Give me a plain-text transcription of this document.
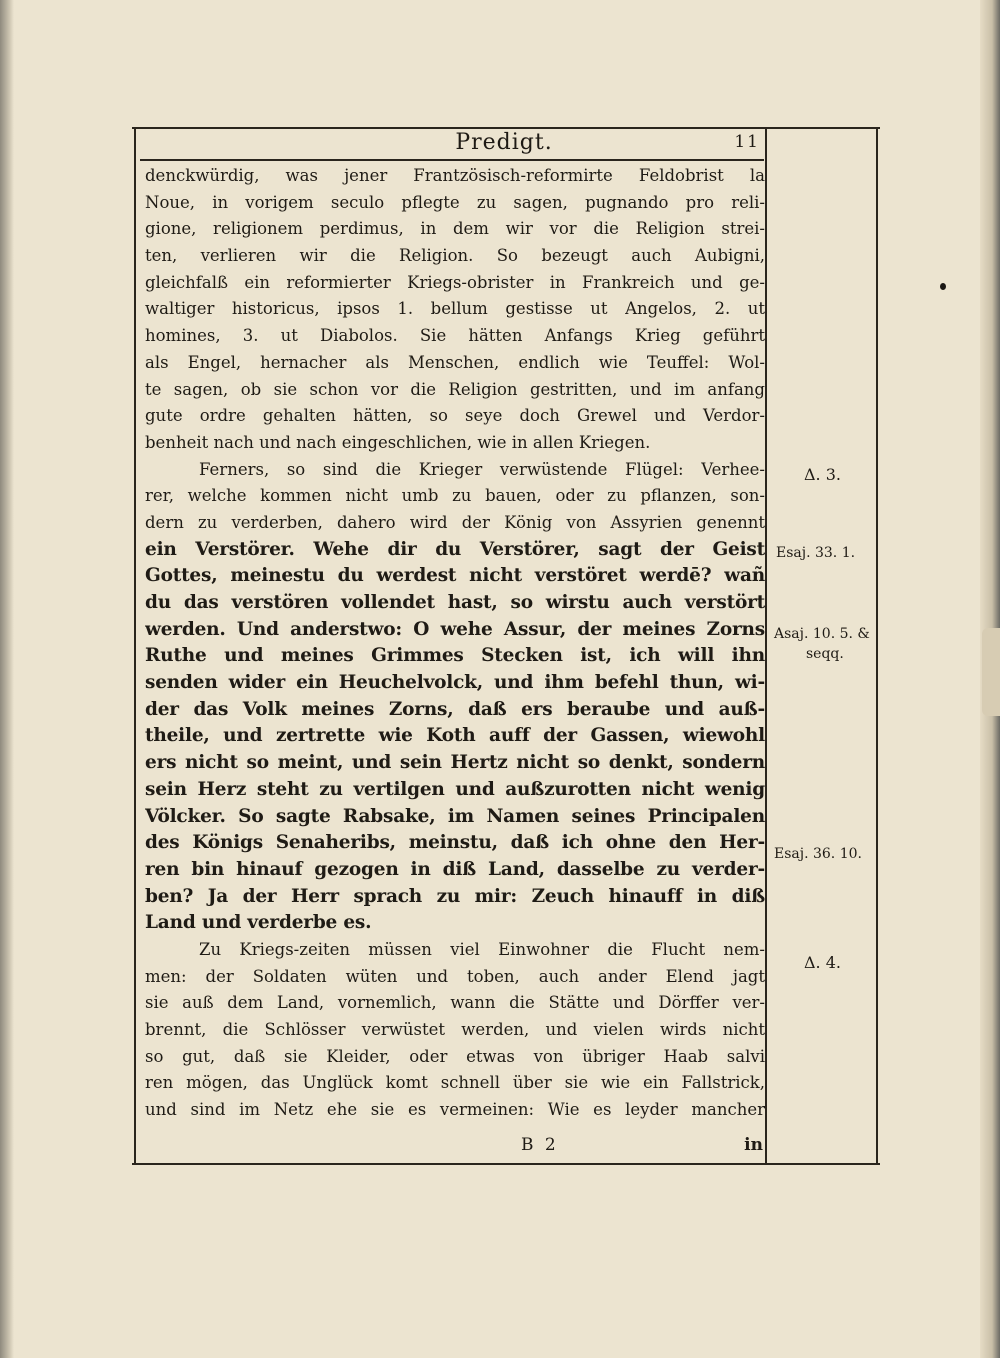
Predigt.	11
denckwürdig, was jener Frantzösisch-reformirte Feldobrist la
Noue, in vorigem seculo pflegte zu sagen, pugnando pro reli-
gione, religionem perdimus, in dem wir vor die Religion strei-
ten, verlieren wir die Religion. So bezeugt auch Aubigni,
gleichfalß ein reformierter Kriegs-obrister in Frankreich und ge-
waltiger historicus, ipsos 1. bellum gestisse ut Angelos, 2. ut
homines, 3. ut Diabolos. Sie hätten Anfangs Krieg geführt
als Engel, hernacher als Menschen, endlich wie Teuffel: Wol-
te sagen, ob sie schon vor die Religion gestritten, und im anfang
gute ordre gehalten hätten, so seye doch Grewel und Verdor-
benheit nach und nach eingeschlichen, wie in allen Kriegen.
Ferners, so sind die Krieger verwüstende Flügel: Verhee-
rer, welche kommen nicht umb zu bauen, oder zu pflanzen, son-
dern zu verderben, dahero wird der König von Assyrien genennt
ein Verstörer. Wehe dir du Verstörer, sagt der Geist
Gottes, meinestu du werdest nicht verstöret werdē? wañ
du das verstören vollendet hast, so wirstu auch verstört
werden. Und anderstwo: O wehe Assur, der meines Zorns
Ruthe und meines Grimmes Stecken ist, ich will ihn
senden wider ein Heuchelvolck, und ihm befehl thun, wi-
der das Volk meines Zorns, daß ers beraube und auß-
theile, und zertrette wie Koth auff der Gassen, wiewohl
ers nicht so meint, und sein Hertz nicht so denkt, sondern
sein Herz steht zu vertilgen und außzurotten nicht wenig
Völcker. So sagte Rabsake, im Namen seines Principalen
des Königs Senaheribs, meinstu, daß ich ohne den Her-
ren bin hinauf gezogen in diß Land, dasselbe zu verder-
ben? Ja der Herr sprach zu mir: Zeuch hinauff in diß
Land und verderbe es.
Zu Kriegs-zeiten müssen viel Einwohner die Flucht nem-
men: der Soldaten wüten und toben, auch ander Elend jagt
sie auß dem Land, vornemlich, wann die Stätte und Dörffer ver-
brennt, die Schlösser verwüstet werden, und vielen wirds nicht
so gut, daß sie Kleider, oder etwas von übriger Haab salvi
ren mögen, das Unglück komt schnell über sie wie ein Fallstrick,
und sind im Netz ehe sie es vermeinen: Wie es leyder mancher
Δ. 3.
Esaj. 33. 1.
Asaj. 10. 5. &
seqq.
Esaj. 36. 10.
Δ. 4.
B 2	in
